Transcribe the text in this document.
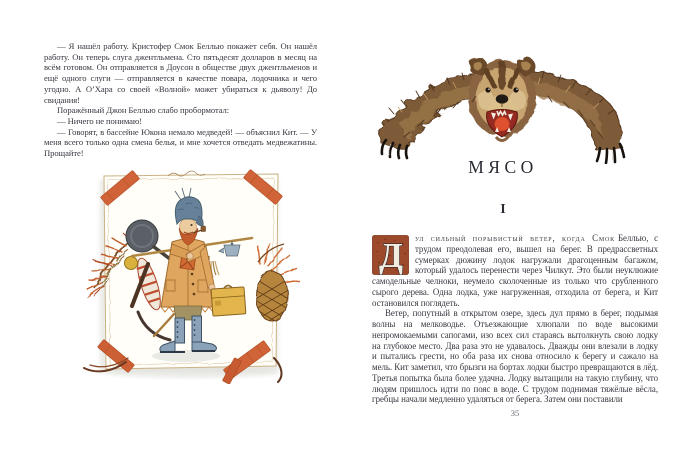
— Я нашёл работу. Кристофер Смок Беллью покажет себя. Он нашёл работу. Он теперь слуга джентльмена. Сто пятьдесят долларов в месяц на всём готовом. Он отправляется в Доусон в обществе двух джентльменов и ещё одного слуги — отправляется в качестве повара, лодочника и чего угодно. А О’Хара со своей «Волной» может убираться к дьяволу! До свидания!

Поражённый Джон Беллью слабо пробормотал:

— Ничего не понимаю!

— Говорят, в бассейне Юкона немало медведей! — объяснил Кит. — У меня всего только одна смена белья, и мне хочется отведать медвежатины. Прощайте!

МЯСО
I

Д ул сильный порывистый ветер, когда Смок Беллью, с трудом преодолевая его, вышел на берег. В предрассветных сумерках дюжину лодок нагружали драгоценным багажом, который удалось перенести через Чилкут. Это были неуклюжие самодельные челноки, неумело сколоченные из только что срубленного сырого дерева. Одна лодка, уже нагруженная, отходила от берега, и Кит остановился поглядеть.

Ветер, попутный в открытом озере, здесь дул прямо в берег, подымая волны на мелководье. Отъезжающие хлюпали по воде высокими непромокаемыми сапогами, изо всех сил стараясь вытолкнуть свою лодку на глубокое место. Два раза это не удавалось. Дважды они влезали в лодку и пытались грести, но оба раза их снова относило к берегу и сажало на мель. Кит заметил, что брызги на бортах лодки быстро превращаются в лёд. Третья попытка была более удачна. Лодку вытащили на такую глубину, что людям пришлось идти по пояс в воде. С трудом поднимая тяжёлые вёсла, гребцы начали медленно удаляться от берега. Затем они поставили

35
